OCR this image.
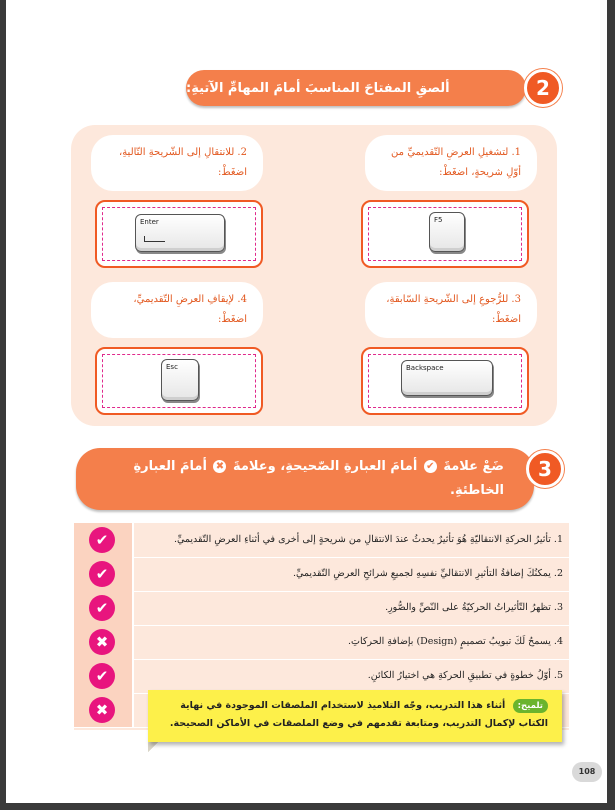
ألصقِ المفتاحَ المناسبَ أمامَ المهامِّ الآتيةِ:	2
1. لتشغيلِ العرضِ التّقديميِّ من أوّلِ شريحةٍ، اضغَطْ:
2. للانتقالِ إلى الشّريحةِ التّاليةِ، اضغَطْ:
F5
Enter
3. للرُّجوعِ إلى الشّريحةِ السّابقةِ، اضغَطْ:
4. لإيقافِ العرضِ التّقديميِّ، اضغَطْ:
Backspace
Esc
ضَعْ علامةَ ✔ أمامَ العبارةِ الصّحيحةِ، وعلامةَ ✖ أمامَ العبارةِ الخاطئةِ.
3
✔	1. تأثيرُ الحركةِ الانتقاليّةِ هُوَ تأثيرٌ يحدثُ عندَ الانتقالِ من شريحةٍ إلى أخرى في أثناءِ العرضِ التّقديميِّ.
✔	2. يمكنُكَ إضافةُ التأثيرِ الانتقاليِّ نفسِهِ لجميعِ شرائحِ العرضِ التّقديميِّ.
✔	3. تظهرُ التّأثيراتُ الحركيّةُ على النّصِّ والصُّورِ.
✖	4. يسمحُ لَكَ تبويبُ تصميمٍ (Design) بإضافةِ الحركاتِ.
✔	5. أوّلُ خطوةٍ في تطبيقِ الحركةِ هي اختيارُ الكائنِ.
✖	تلميح: أثناء هذا التدريب، وجّه التلاميذ لاستخدام الملصقات الموجودة في نهاية الكتاب لإكمال التدريب، ومتابعة تقدمهم في وضع الملصقات في الأماكن الصحيحة.
108
